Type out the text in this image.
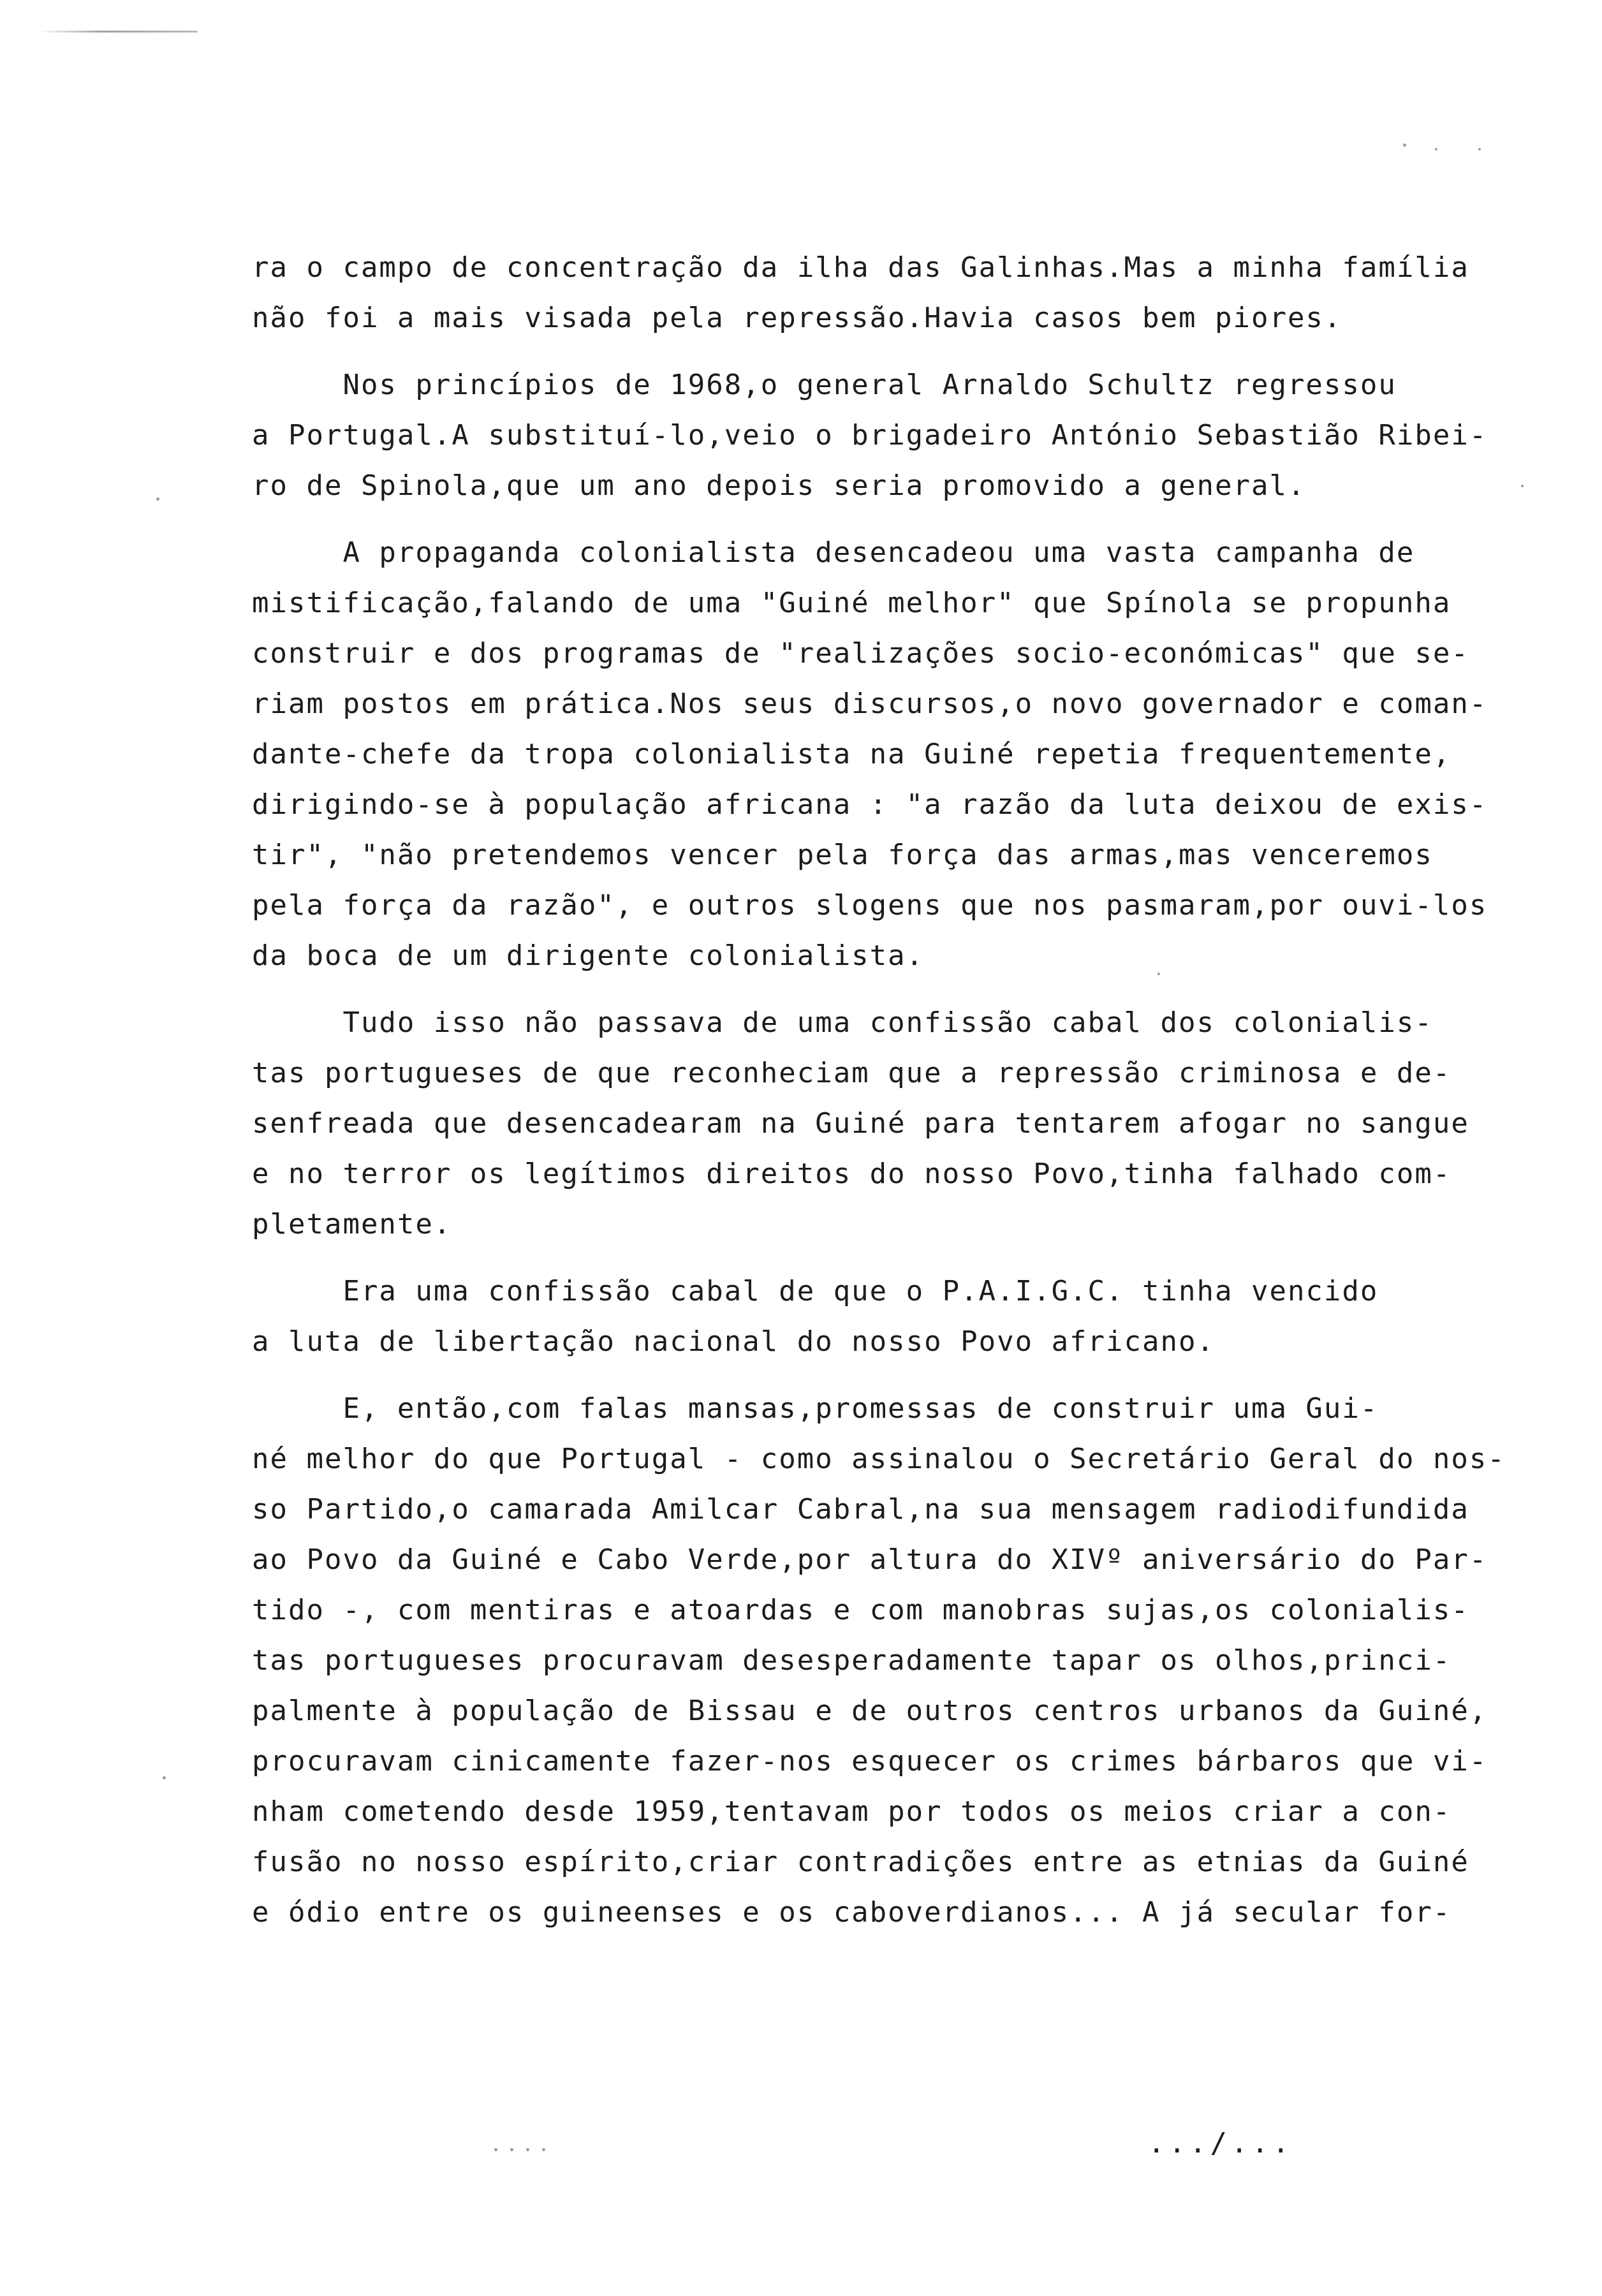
ra o campo de concentração da ilha das Galinhas.Mas a minha família
não foi a mais visada pela repressão.Havia casos bem piores.
Nos princípios de 1968,o general Arnaldo Schultz regressou
a Portugal.A substituí-lo,veio o brigadeiro António Sebastião Ribei-
ro de Spinola,que um ano depois seria promovido a general.
A propaganda colonialista desencadeou uma vasta campanha de
mistificação,falando de uma "Guiné melhor" que Spínola se propunha
construir e dos programas de "realizações socio-económicas" que se-
riam postos em prática.Nos seus discursos,o novo governador e coman-
dante-chefe da tropa colonialista na Guiné repetia frequentemente,
dirigindo-se à população africana : "a razão da luta deixou de exis-
tir", "não pretendemos vencer pela força das armas,mas venceremos
pela força da razão", e outros slogens que nos pasmaram,por ouvi-los
da boca de um dirigente colonialista.
Tudo isso não passava de uma confissão cabal dos colonialis-
tas portugueses de que reconheciam que a repressão criminosa e de-
senfreada que desencadearam na Guiné para tentarem afogar no sangue
e no terror os legítimos direitos do nosso Povo,tinha falhado com-
pletamente.
Era uma confissão cabal de que o P.A.I.G.C. tinha vencido
a luta de libertação nacional do nosso Povo africano.
E, então,com falas mansas,promessas de construir uma Gui-
né melhor do que Portugal - como assinalou o Secretário Geral do nos-
so Partido,o camarada Amilcar Cabral,na sua mensagem radiodifundida
ao Povo da Guiné e Cabo Verde,por altura do XIVº aniversário do Par-
tido -, com mentiras e atoardas e com manobras sujas,os colonialis-
tas portugueses procuravam desesperadamente tapar os olhos,princi-
palmente à população de Bissau e de outros centros urbanos da Guiné,
procuravam cinicamente fazer-nos esquecer os crimes bárbaros que vi-
nham cometendo desde 1959,tentavam por todos os meios criar a con-
fusão no nosso espírito,criar contradições entre as etnias da Guiné
e ódio entre os guineenses e os caboverdianos... A já secular for-
.../...
